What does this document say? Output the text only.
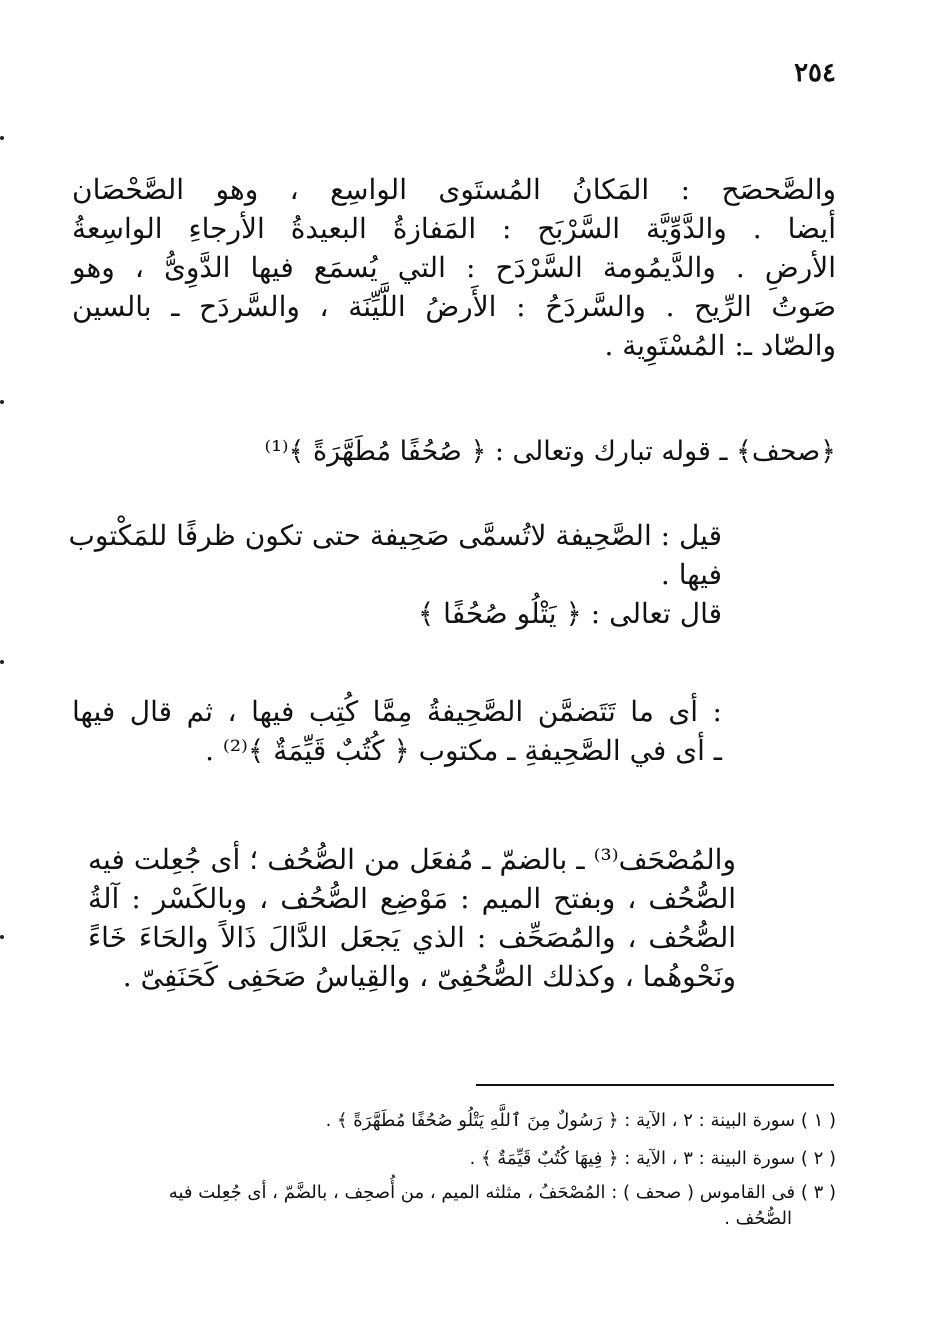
٢٥٤
والصَّحصَح : المَكانُ المُستَوى الواسِع ، وهو الصَّحْصَان
أيضا . والدَّوِّيَّة السَّرْبَح : المَفازةُ البعيدةُ الأرجاءِ الواسِعةُ
الأرضِ . والدَّيمُومة السَّرْدَح : التي يُسمَع فيها الدَّوِىُّ ، وهو
صَوتُ الرِّيح . والسَّردَحُ : الأَرضُ اللَّيِّنَة ، والسَّردَح ـ بالسين
والصّاد ـ: المُسْتَوِية .
﴿صحف﴾ ـ قوله تبارك وتعالى : ﴿ صُحُفًا مُطَهَّرَةً ﴾⁽¹⁾
قيل : الصَّحِيفة لاتُسمَّى صَحِيفة حتى تكون ظرفًا للمَكْتوب
فيها .
قال تعالى : ﴿ يَتْلُو صُحُفًا ﴾
: أى ما تَتَضمَّن الصَّحِيفةُ مِمَّا كُتِب فيها ، ثم قال فيها
ـ أى في الصَّحِيفةِ ـ مكتوب ﴿ كُتُبٌ قَيِّمَةٌ ﴾⁽²⁾ .
والمُصْحَف⁽³⁾ ـ بالضمّ ـ مُفعَل من الصُّحُف ؛ أى جُعِلت فيه
الصُّحُف ، وبفتح الميم : مَوْضِع الصُّحُف ، وبالكَسْر : آلةُ
الصُّحُف ، والمُصَحِّف : الذي يَجعَل الدَّالَ ذَالاً والحَاءَ خَاءً
ونَحْوهُما ، وكذلك الصُّحُفِىّ ، والقِياسُ صَحَفِى كَحَنَفِىّ .
( ١ ) سورة البينة : ٢ ، الآية : ﴿ رَسُولٌ مِنَ ٱللَّهِ يَتْلُو صُحُفًا مُطَهَّرَةً ﴾ .
( ٢ ) سورة البينة : ٣ ، الآية : ﴿ فِيهَا كُتُبٌ قَيِّمَةٌ ﴾ .
( ٣ ) فى القاموس ( صحف ) : المُصْحَفُ ، مثلثه الميم ، من أُصحِف ، بالضَّمّ ، أى جُعِلت فيه
الصُّحُف .
